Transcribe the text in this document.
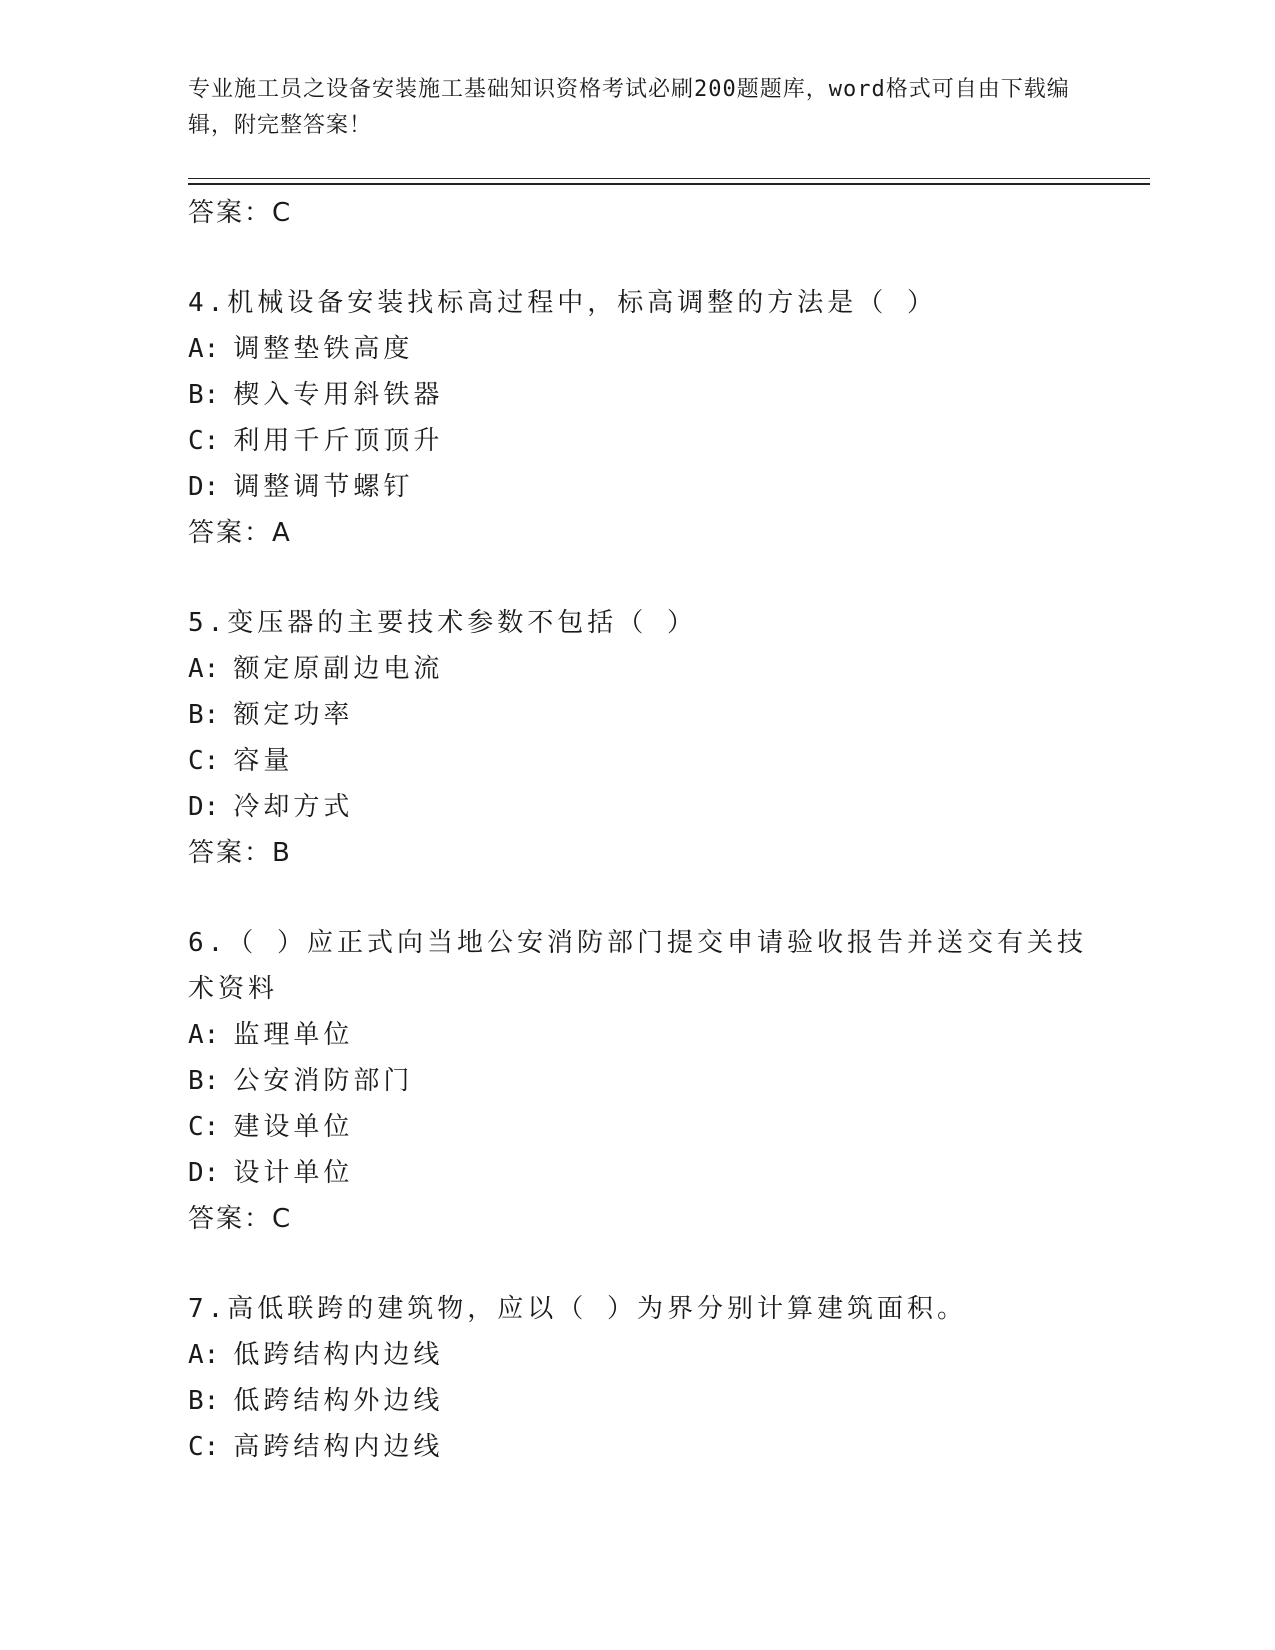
专业施工员之设备安装施工基础知识资格考试必刷200题题库，word格式可自由下载编辑，附完整答案！
答案：C
4.机械设备安装找标高过程中，标高调整的方法是（ ）
A: 调整垫铁高度
B: 楔入专用斜铁器
C: 利用千斤顶顶升
D: 调整调节螺钉
答案：A
5.变压器的主要技术参数不包括（ ）
A: 额定原副边电流
B: 额定功率
C: 容量
D: 冷却方式
答案：B
6.（ ）应正式向当地公安消防部门提交申请验收报告并送交有关技术资料
A: 监理单位
B: 公安消防部门
C: 建设单位
D: 设计单位
答案：C
7.高低联跨的建筑物，应以（ ）为界分别计算建筑面积。
A: 低跨结构内边线
B: 低跨结构外边线
C: 高跨结构内边线
